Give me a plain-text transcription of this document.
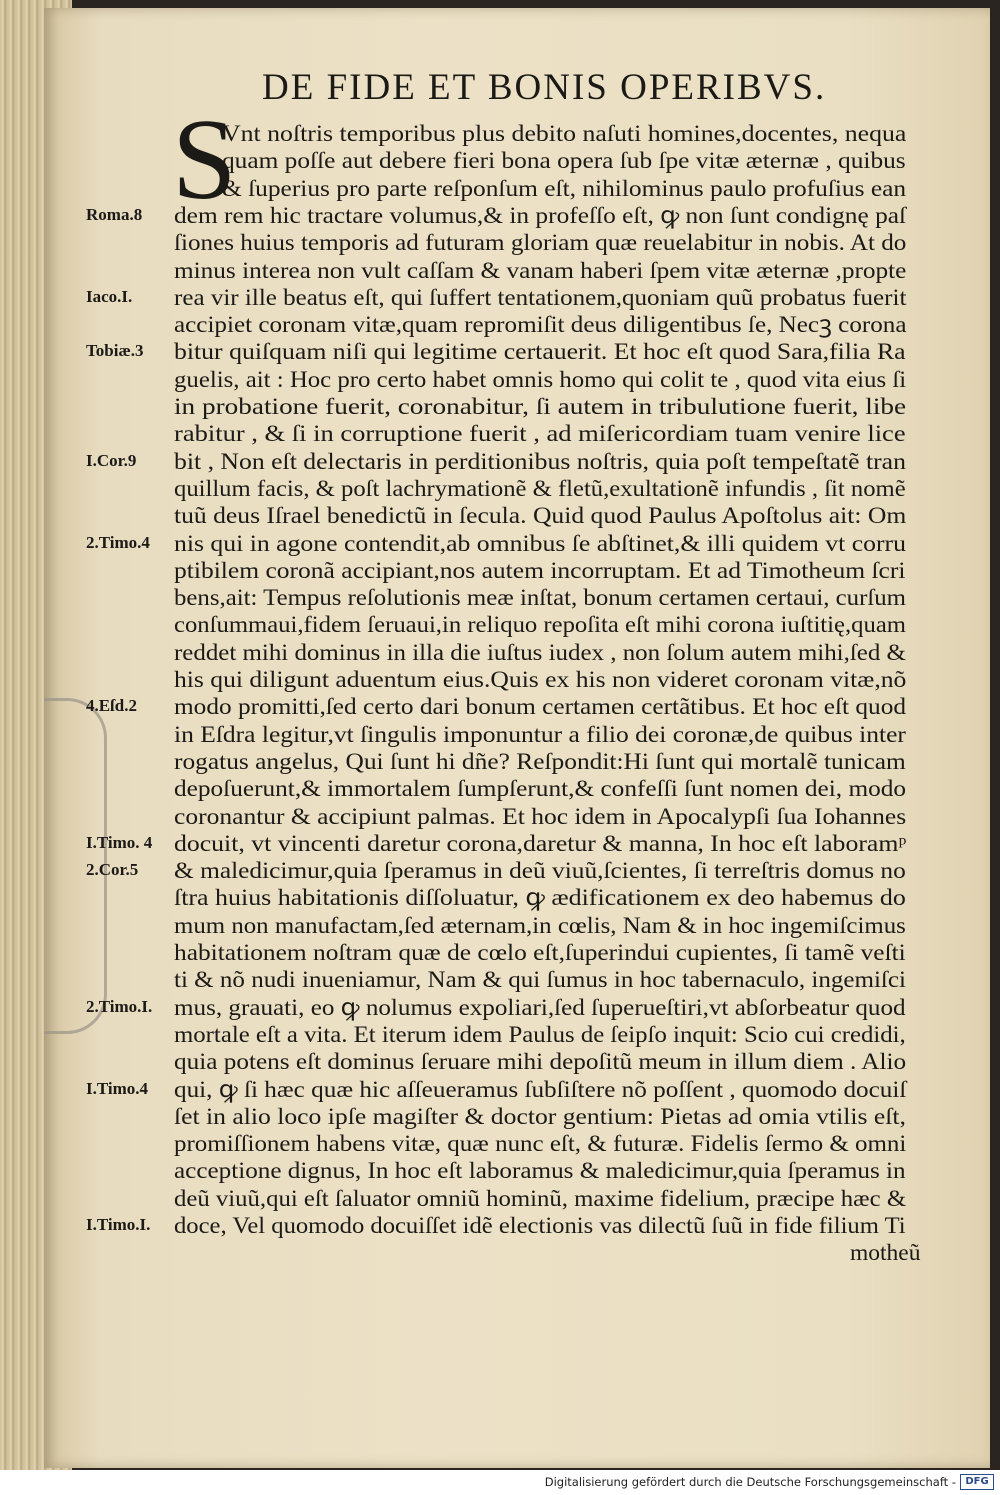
DE FIDE ET BONIS OPERIBVS.
S
Vnt noſtris temporibus plus debito naſuti homines,docentes, nequa
quam poſſe aut debere fieri bona opera ſub ſpe vitæ æternæ , quibus
& ſuperius pro parte reſponſum eſt, nihilominus paulo profuſius ean
dem rem hic tractare volumus,& in profeſſo eſt, ꝙ non ſunt condignę paſ
ſiones huius temporis ad futuram gloriam quæ reuelabitur in nobis. At do
minus interea non vult caſſam & vanam haberi ſpem vitæ æternæ ,propte
rea vir ille beatus eſt, qui ſuffert tentationem,quoniam quũ probatus fuerit
accipiet coronam vitæ,quam repromiſit deus diligentibus ſe, Necꝫ corona
bitur quiſquam niſi qui legitime certauerit. Et hoc eſt quod Sara,filia Ra
guelis, ait : Hoc pro certo habet omnis homo qui colit te , quod vita eius ſi
in probatione fuerit, coronabitur, ſi autem in tribulutione fuerit, libe
rabitur , & ſi in corruptione fuerit , ad miſericordiam tuam venire lice
bit , Non eſt delectaris in perditionibus noſtris, quia poſt tempeſtatẽ tran
quillum facis, & poſt lachrymationẽ & fletũ,exultationẽ infundis , ſit nomẽ
tuũ deus Iſrael benedictũ in ſecula. Quid quod Paulus Apoſtolus ait: Om
nis qui in agone contendit,ab omnibus ſe abſtinet,& illi quidem vt corru
ptibilem coronã accipiant,nos autem incorruptam. Et ad Timotheum ſcri
bens,ait: Tempus reſolutionis meæ inſtat, bonum certamen certaui, curſum
conſummaui,fidem ſeruaui,in reliquo repoſita eſt mihi corona iuſtitię,quam
reddet mihi dominus in illa die iuſtus iudex , non ſolum autem mihi,ſed &
his qui diligunt aduentum eius.Quis ex his non videret coronam vitæ,nõ
modo promitti,ſed certo dari bonum certamen certãtibus. Et hoc eſt quod
in Eſdra legitur,vt ſingulis imponuntur a filio dei coronæ,de quibus inter
rogatus angelus, Qui ſunt hi dñe? Reſpondit:Hi ſunt qui mortalẽ tunicam
depoſuerunt,& immortalem ſumpſerunt,& confeſſi ſunt nomen dei, modo
coronantur & accipiunt palmas. Et hoc idem in Apocalypſi ſua Iohannes
docuit, vt vincenti daretur corona,daretur & manna, In hoc eſt laboramᵖ
& maledicimur,quia ſperamus in deũ viuũ,ſcientes, ſi terreſtris domus no
ſtra huius habitationis diſſoluatur, ꝙ ædificationem ex deo habemus do
mum non manufactam,ſed æternam,in cœlis, Nam & in hoc ingemiſcimus
habitationem noſtram quæ de cœlo eſt,ſuperindui cupientes, ſi tamẽ veſti
ti & nõ nudi inueniamur, Nam & qui ſumus in hoc tabernaculo, ingemiſci
mus, grauati, eo ꝙ nolumus expoliari,ſed ſuperueſtiri,vt abſorbeatur quod
mortale eſt a vita. Et iterum idem Paulus de ſeipſo inquit: Scio cui credidi,
quia potens eſt dominus ſeruare mihi depoſitũ meum in illum diem . Alio
qui, ꝙ ſi hæc quæ hic aſſeueramus ſubſiſtere nõ poſſent , quomodo docuiſ
ſet in alio loco ipſe magiſter & doctor gentium: Pietas ad omia vtilis eſt,
promiſſionem habens vitæ, quæ nunc eſt, & futuræ. Fidelis ſermo & omni
acceptione dignus, In hoc eſt laboramus & maledicimur,quia ſperamus in
deũ viuũ,qui eſt ſaluator omniũ hominũ, maxime fidelium, præcipe hæc &
doce, Vel quomodo docuiſſet idẽ electionis vas dilectũ ſuũ in fide filium Ti
motheũ
Roma.8
Iaco.I.
Tobiæ.3
I.Cor.9
2.Timo.4
4.Eſd.2
I.Timo. 4
2.Cor.5
2.Timo.I.
I.Timo.4
I.Timo.I.
Digitalisierung gefördert durch die Deutsche Forschungsgemeinschaft - DFG
